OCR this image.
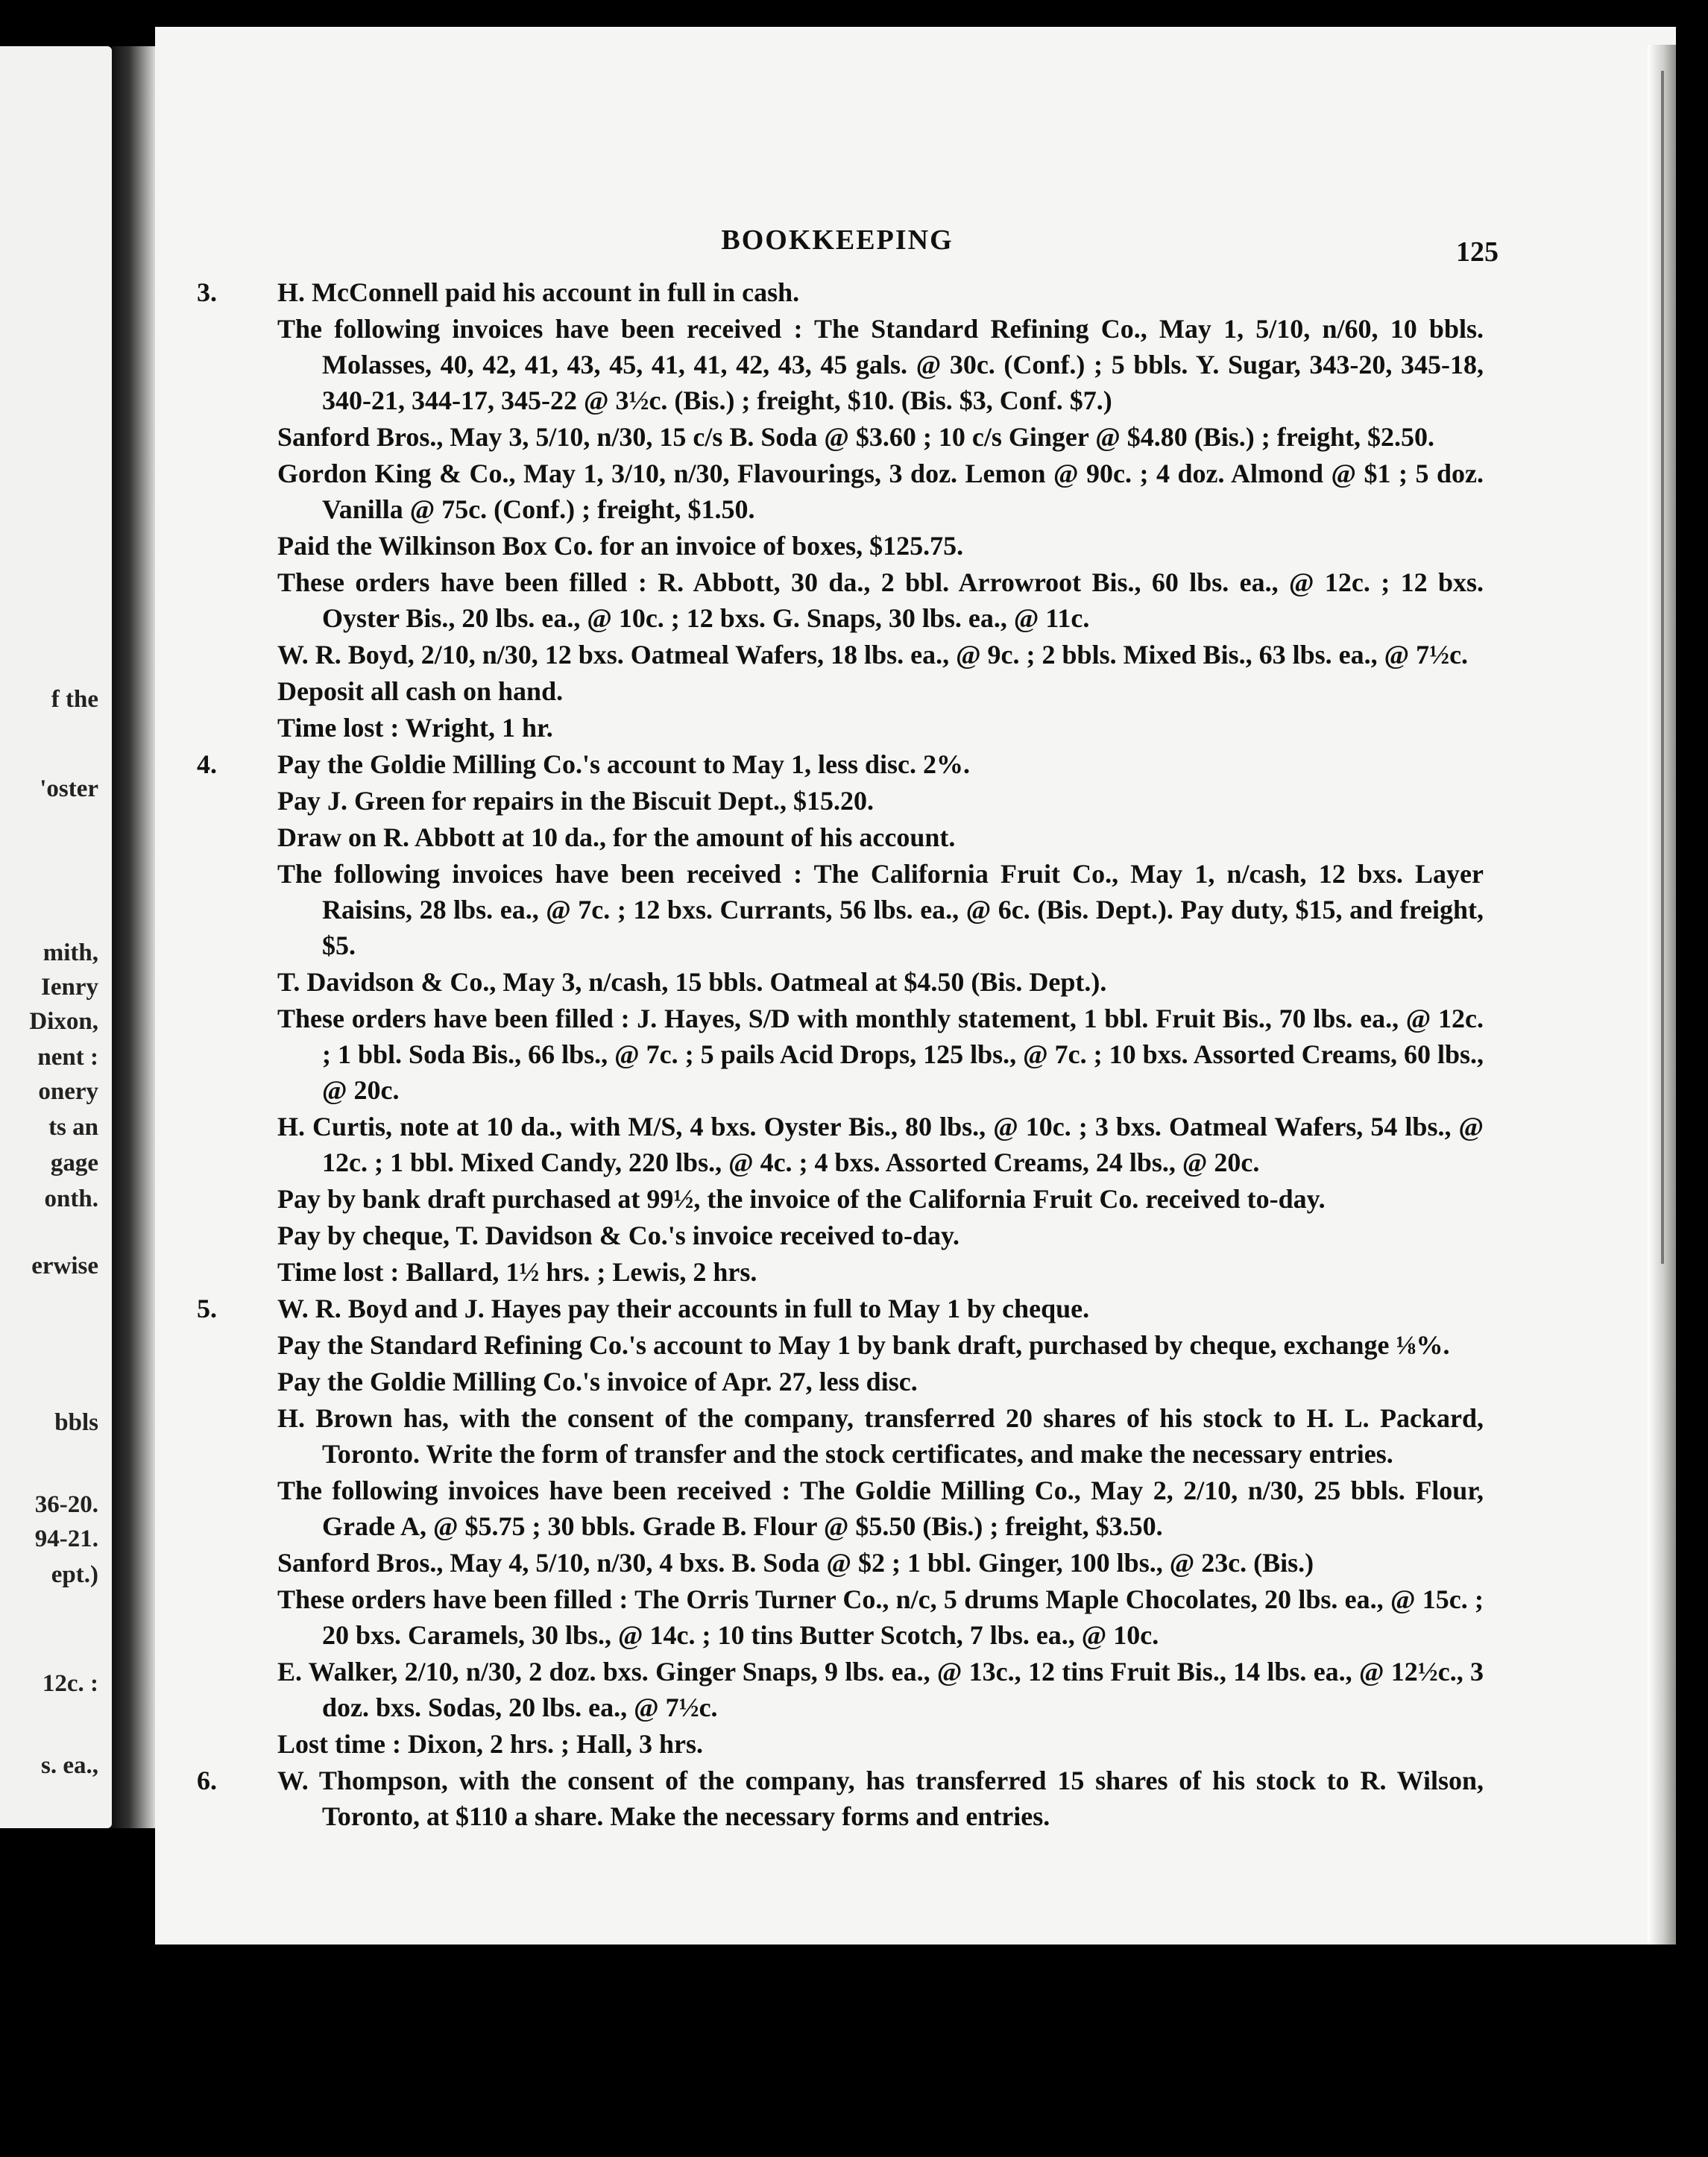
f the
'oster
mith,
Ienry
Dixon,
nent :
onery
ts an
gage
onth.
erwise
bbls
36-20.
94-21.
ept.)
12c. :
s. ea.,
BOOKKEEPING	125
3. H. McConnell paid his account in full in cash.

The following invoices have been received : The Standard Refining Co., May 1, 5/10, n/60, 10 bbls. Molasses, 40, 42, 41, 43, 45, 41, 41, 42, 43, 45 gals. @ 30c. (Conf.) ; 5 bbls. Y. Sugar, 343-20, 345-18, 340-21, 344-17, 345-22 @ 3½c. (Bis.) ; freight, $10. (Bis. $3, Conf. $7.)

Sanford Bros., May 3, 5/10, n/30, 15 c/s B. Soda @ $3.60 ; 10 c/s Ginger @ $4.80 (Bis.) ; freight, $2.50.

Gordon King & Co., May 1, 3/10, n/30, Flavourings, 3 doz. Lemon @ 90c. ; 4 doz. Almond @ $1 ; 5 doz. Vanilla @ 75c. (Conf.) ; freight, $1.50.

Paid the Wilkinson Box Co. for an invoice of boxes, $125.75.

These orders have been filled : R. Abbott, 30 da., 2 bbl. Arrowroot Bis., 60 lbs. ea., @ 12c. ; 12 bxs. Oyster Bis., 20 lbs. ea., @ 10c. ; 12 bxs. G. Snaps, 30 lbs. ea., @ 11c.

W. R. Boyd, 2/10, n/30, 12 bxs. Oatmeal Wafers, 18 lbs. ea., @ 9c. ; 2 bbls. Mixed Bis., 63 lbs. ea., @ 7½c.

Deposit all cash on hand.

Time lost : Wright, 1 hr.

4. Pay the Goldie Milling Co.'s account to May 1, less disc. 2%.

Pay J. Green for repairs in the Biscuit Dept., $15.20.

Draw on R. Abbott at 10 da., for the amount of his account.

The following invoices have been received : The California Fruit Co., May 1, n/cash, 12 bxs. Layer Raisins, 28 lbs. ea., @ 7c. ; 12 bxs. Currants, 56 lbs. ea., @ 6c. (Bis. Dept.). Pay duty, $15, and freight, $5.

T. Davidson & Co., May 3, n/cash, 15 bbls. Oatmeal at $4.50 (Bis. Dept.).

These orders have been filled : J. Hayes, S/D with monthly statement, 1 bbl. Fruit Bis., 70 lbs. ea., @ 12c. ; 1 bbl. Soda Bis., 66 lbs., @ 7c. ; 5 pails Acid Drops, 125 lbs., @ 7c. ; 10 bxs. Assorted Creams, 60 lbs., @ 20c.

H. Curtis, note at 10 da., with M/S, 4 bxs. Oyster Bis., 80 lbs., @ 10c. ; 3 bxs. Oatmeal Wafers, 54 lbs., @ 12c. ; 1 bbl. Mixed Candy, 220 lbs., @ 4c. ; 4 bxs. Assorted Creams, 24 lbs., @ 20c.

Pay by bank draft purchased at 99½, the invoice of the California Fruit Co. received to-day.

Pay by cheque, T. Davidson & Co.'s invoice received to-day.

Time lost : Ballard, 1½ hrs. ; Lewis, 2 hrs.

5. W. R. Boyd and J. Hayes pay their accounts in full to May 1 by cheque.

Pay the Standard Refining Co.'s account to May 1 by bank draft, purchased by cheque, exchange ⅛%.

Pay the Goldie Milling Co.'s invoice of Apr. 27, less disc.

H. Brown has, with the consent of the company, transferred 20 shares of his stock to H. L. Packard, Toronto. Write the form of transfer and the stock certificates, and make the necessary entries.

The following invoices have been received : The Goldie Milling Co., May 2, 2/10, n/30, 25 bbls. Flour, Grade A, @ $5.75 ; 30 bbls. Grade B. Flour @ $5.50 (Bis.) ; freight, $3.50.

Sanford Bros., May 4, 5/10, n/30, 4 bxs. B. Soda @ $2 ; 1 bbl. Ginger, 100 lbs., @ 23c. (Bis.)

These orders have been filled : The Orris Turner Co., n/c, 5 drums Maple Chocolates, 20 lbs. ea., @ 15c. ; 20 bxs. Caramels, 30 lbs., @ 14c. ; 10 tins Butter Scotch, 7 lbs. ea., @ 10c.

E. Walker, 2/10, n/30, 2 doz. bxs. Ginger Snaps, 9 lbs. ea., @ 13c., 12 tins Fruit Bis., 14 lbs. ea., @ 12½c., 3 doz. bxs. Sodas, 20 lbs. ea., @ 7½c.

Lost time : Dixon, 2 hrs. ; Hall, 3 hrs.

6. W. Thompson, with the consent of the company, has transferred 15 shares of his stock to R. Wilson, Toronto, at $110 a share. Make the necessary forms and entries.
